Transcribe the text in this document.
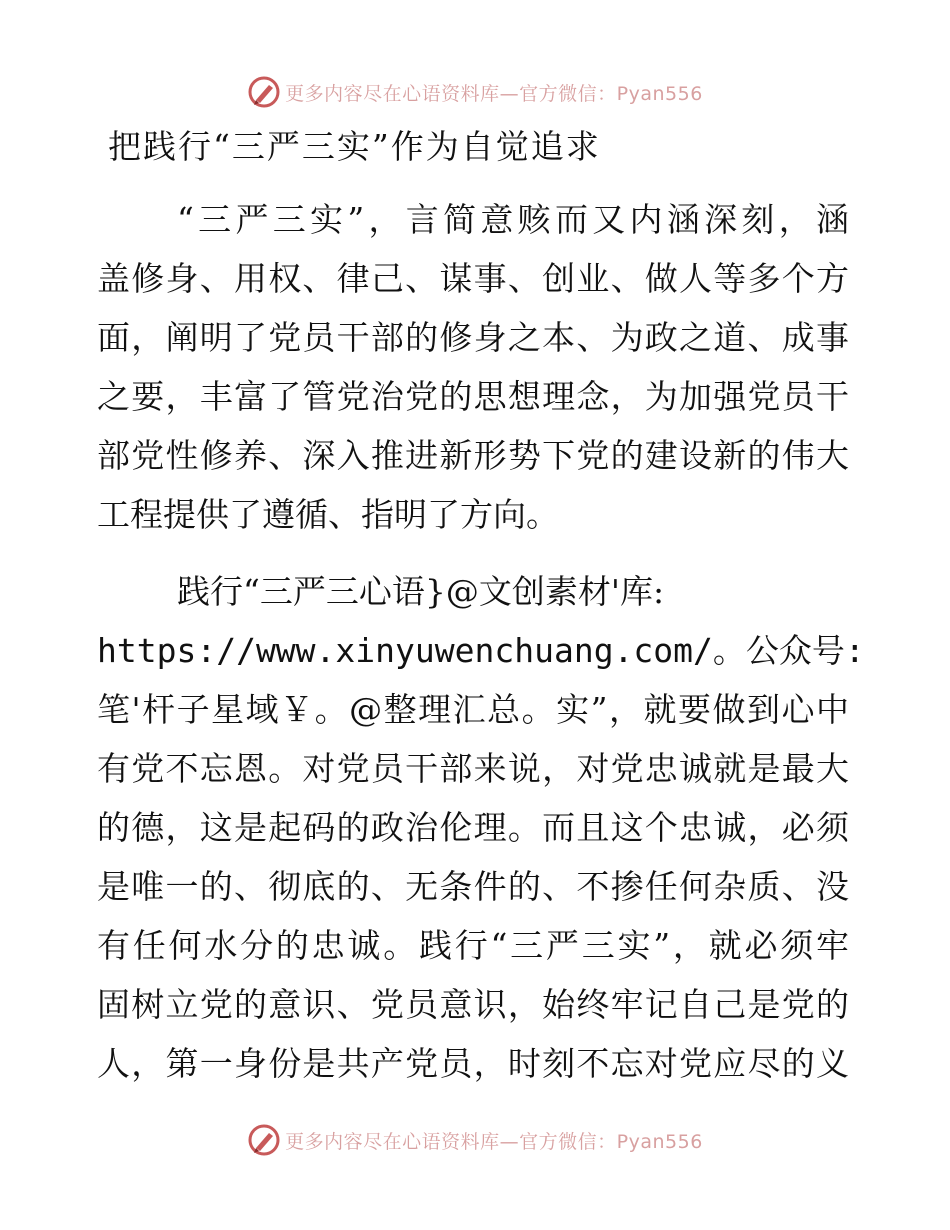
更多内容尽在心语资料库—官方微信：Pyan556
把践行“三严三实”作为自觉追求
“三严三实”，言简意赅而又内涵深刻，涵
盖修身、用权、律己、谋事、创业、做人等多个方
面，阐明了党员干部的修身之本、为政之道、成事
之要，丰富了管党治党的思想理念，为加强党员干
部党性修养、深入推进新形势下党的建设新的伟大
工程提供了遵循、指明了方向。
践行“三严三心语}@文创素材'库:
https://www.xinyuwenchuang.com/。公众号:
笔'杆子星域￥。@整理汇总。实”，就要做到心中
有党不忘恩。对党员干部来说，对党忠诚就是最大
的德，这是起码的政治伦理。而且这个忠诚，必须
是唯一的、彻底的、无条件的、不掺任何杂质、没
有任何水分的忠诚。践行“三严三实”，就必须牢
固树立党的意识、党员意识，始终牢记自己是党的
人，第一身份是共产党员，时刻不忘对党应尽的义
更多内容尽在心语资料库—官方微信：Pyan556
